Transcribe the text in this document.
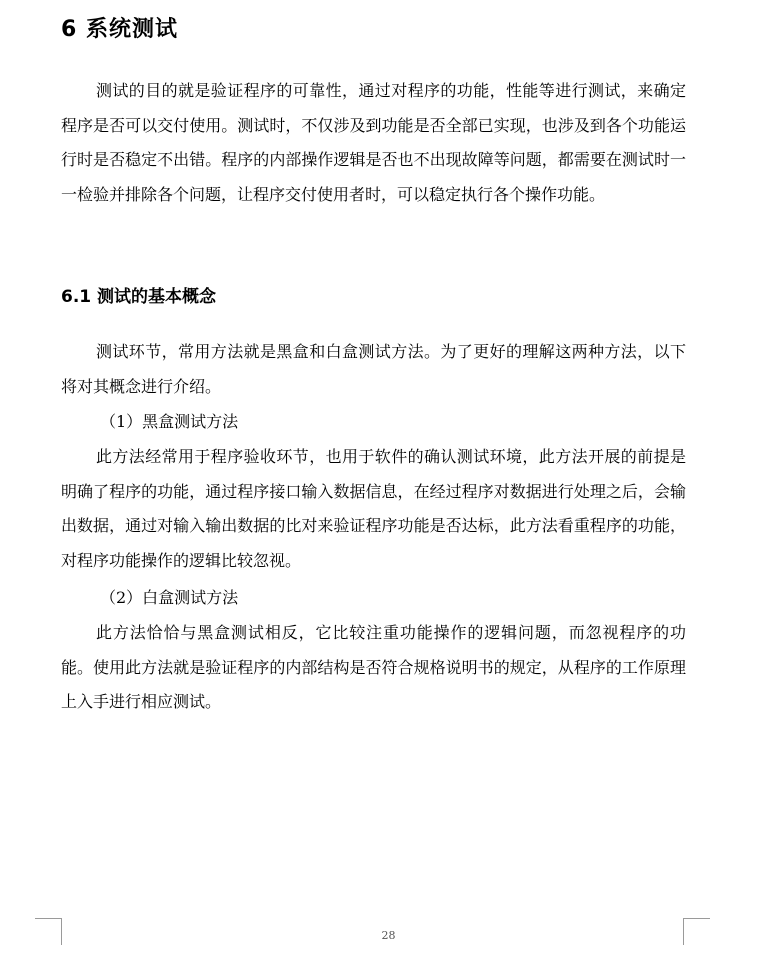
6 系统测试

测试的目的就是验证程序的可靠性，通过对程序的功能，性能等进行测试，来确定程序是否可以交付使用。测试时，不仅涉及到功能是否全部已实现，也涉及到各个功能运行时是否稳定不出错。程序的内部操作逻辑是否也不出现故障等问题，都需要在测试时一一检验并排除各个问题，让程序交付使用者时，可以稳定执行各个操作功能。

6.1 测试的基本概念

测试环节，常用方法就是黑盒和白盒测试方法。为了更好的理解这两种方法，以下将对其概念进行介绍。

（1）黑盒测试方法

此方法经常用于程序验收环节，也用于软件的确认测试环境，此方法开展的前提是明确了程序的功能，通过程序接口输入数据信息，在经过程序对数据进行处理之后，会输出数据，通过对输入输出数据的比对来验证程序功能是否达标，此方法看重程序的功能，对程序功能操作的逻辑比较忽视。

（2）白盒测试方法

此方法恰恰与黑盒测试相反，它比较注重功能操作的逻辑问题，而忽视程序的功能。使用此方法就是验证程序的内部结构是否符合规格说明书的规定，从程序的工作原理上入手进行相应测试。

28
